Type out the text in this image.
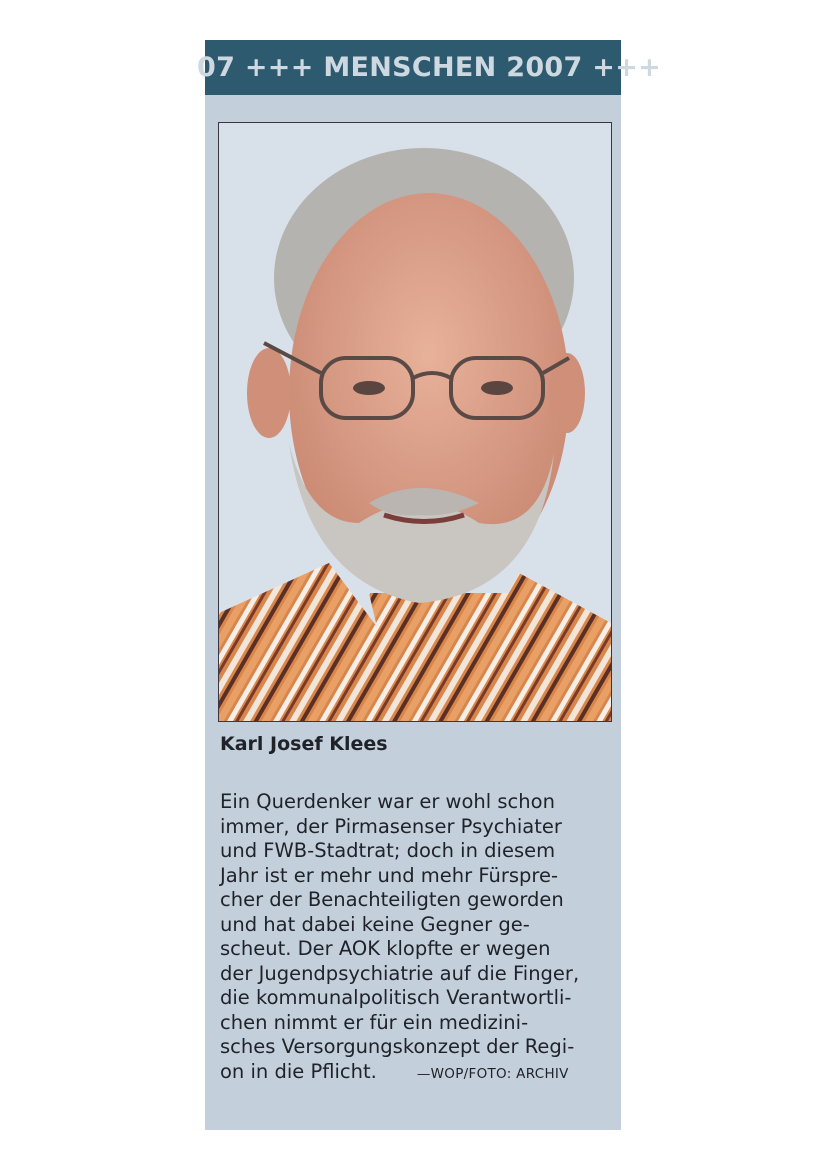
07 +++ MENSCHEN 2007 +++
Karl Josef Klees
Ein Querdenker war er wohl schon
immer, der Pirmasenser Psychiater
und FWB-Stadtrat; doch in diesem
Jahr ist er mehr und mehr Fürspre-
cher der Benachteiligten geworden
und hat dabei keine Gegner ge-
scheut. Der AOK klopfte er wegen
der Jugendpsychiatrie auf die Finger,
die kommunalpolitisch Verantwortli-
chen nimmt er für ein medizini-
sches Versorgungskonzept der Regi-
on in die Pflicht.	—WOP/FOTO: ARCHIV
